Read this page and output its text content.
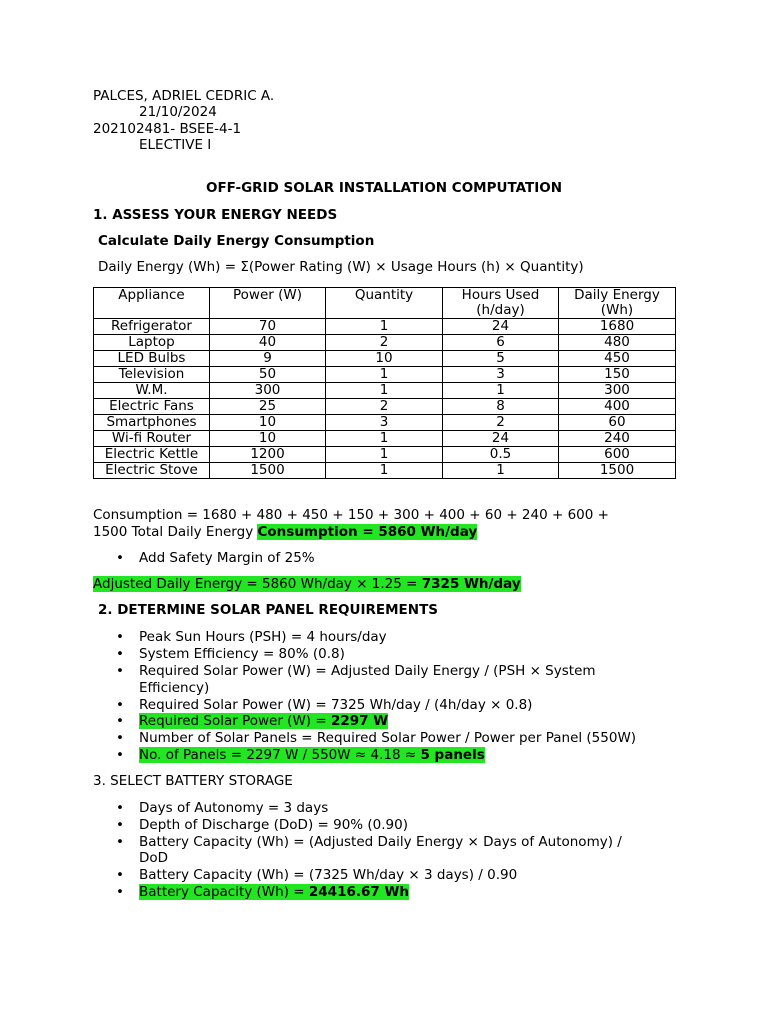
PALCES, ADRIEL CEDRIC A.
21/10/2024
202102481- BSEE-4-1
ELECTIVE I
OFF-GRID SOLAR INSTALLATION COMPUTATION
1. ASSESS YOUR ENERGY NEEDS
Calculate Daily Energy Consumption
Daily Energy (Wh) = Σ(Power Rating (W) × Usage Hours (h) × Quantity)
Appliance	Power (W)	Quantity	Hours Used (h/day)	Daily Energy (Wh)
Refrigerator	70	1	24	1680
Laptop	40	2	6	480
LED Bulbs	9	10	5	450
Television	50	1	3	150
W.M.	300	1	1	300
Electric Fans	25	2	8	400
Smartphones	10	3	2	60
Wi-fi Router	10	1	24	240
Electric Kettle	1200	1	0.5	600
Electric Stove	1500	1	1	1500
Consumption = 1680 + 480 + 450 + 150 + 300 + 400 + 60 + 240 + 600 +
1500 Total Daily Energy Consumption = 5860 Wh/day
• Add Safety Margin of 25%
Adjusted Daily Energy = 5860 Wh/day × 1.25 = 7325 Wh/day
2. DETERMINE SOLAR PANEL REQUIREMENTS
• Peak Sun Hours (PSH) = 4 hours/day
• System Efficiency = 80% (0.8)
• Required Solar Power (W) = Adjusted Daily Energy / (PSH × System
Efficiency)
• Required Solar Power (W) = 7325 Wh/day / (4h/day × 0.8)
• Required Solar Power (W) = 2297 W
• Number of Solar Panels = Required Solar Power / Power per Panel (550W)
• No. of Panels = 2297 W / 550W ≈ 4.18 ≈ 5 panels
3. SELECT BATTERY STORAGE
• Days of Autonomy = 3 days
• Depth of Discharge (DoD) = 90% (0.90)
• Battery Capacity (Wh) = (Adjusted Daily Energy × Days of Autonomy) /
DoD
• Battery Capacity (Wh) = (7325 Wh/day × 3 days) / 0.90
• Battery Capacity (Wh) = 24416.67 Wh
